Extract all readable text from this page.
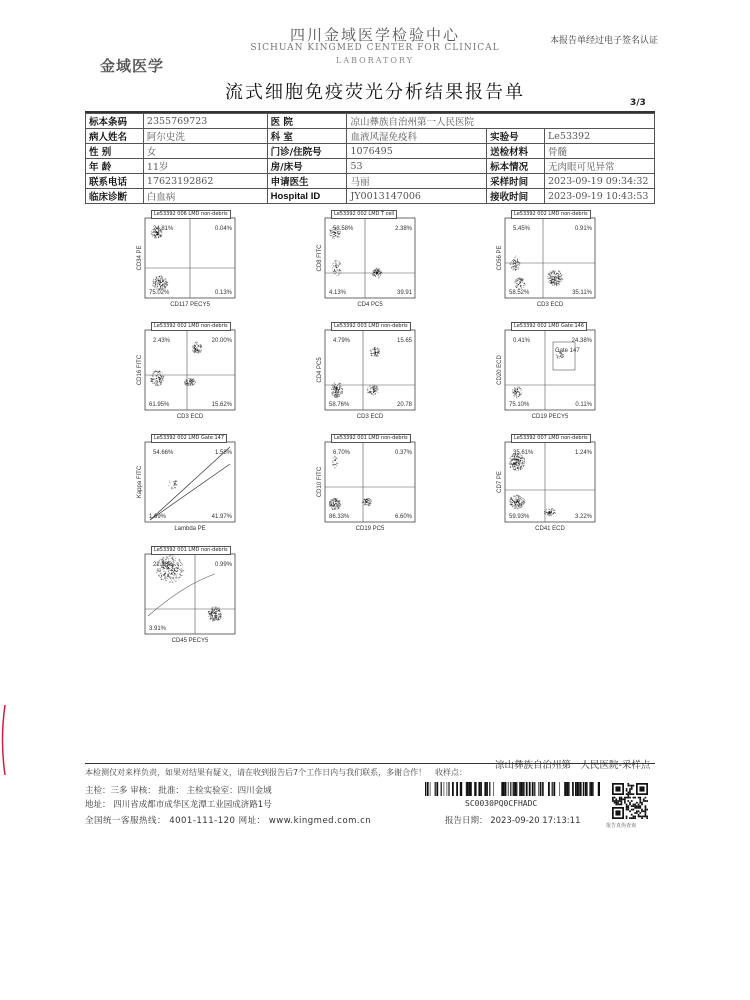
金域医学
四川金域医学检验中心
SICHUAN KINGMED CENTER FOR CLINICAL
LABORATORY
本报告单经过电子签名认证
流式细胞免疫荧光分析结果报告单	3/3
标本条码	2355769723	医 院	凉山彝族自治州第一人民医院		
病人姓名	阿尔史洗	科 室	血液风湿免疫科	实验号	Le53392
性 别	女	门诊/住院号	1076495	送检材料	骨髓
年 龄	11岁	房/床号	53	标本情况	无肉眼可见异常
联系电话	17623192862	申请医生	马丽	采样时间	2023-09-19 09:34:32
临床诊断	白血病	Hospital ID	JY0013147006	接收时间	2023-09-19 10:43:53
24.81%	0.04%
75.02%	0.13%
CD117 PECY5
CD34 PE
Le53392 006 LMD non-debris
53.58%	2.38%
4.13%	39.91
CD4 PC5
CD8 FITC
Le53392 002 LMD T cell
5.45%	0.91%
58.52%	35.11%
CD3 ECD
CD56 PE
Le53392 002 LMD non-debris
2.43%	20.00%
61.95%	15.62%
CD3 ECD
CD16 FITC
Le53392 002 LMD non-debris
4.79%	15.65
58.76%	20.78
CD3 ECD
CD4 PC5
Le53392 003 LMD non-debris
0.41%	24.38%
75.10%	0.11%
CD19 PECY5
CD20 ECD
Gate 147
Le53392 002 LMD Gate 146
54.66%	1.58%
1.69%	41.97%
Lambda PE
Kappa FITC
Le53392 002 LMD Gate 147
6.70%	0.37%
86.33%	6.60%
CD19 PC5
CD10 FITC
Le53392 001 LMD non-debris
35.61%	1.24%
59.93%	3.22%
CD41 ECD
CD7 PE
Le53392 007 LMD non-debris
22.58%	0.99%
3.91%
CD45 PECY5
Le53392 001 LMD non-debris
本检测仅对来样负责，如果对结果有疑义，请在收到报告后7个工作日内与我们联系，多谢合作！	收样点：
凉山彝族自治州第一人民医院-采样点
主检：三多 审核： 批准： 主检实验室：四川金域
地址： 四川省成都市成华区龙潭工业园成济路1号
全国统一客服热线： 4001-111-120 网址： www.kingmed.com.cn
SC0030PQ0CFHADC
报告日期： 2023-09-20 17:13:11	报告真伪查询
